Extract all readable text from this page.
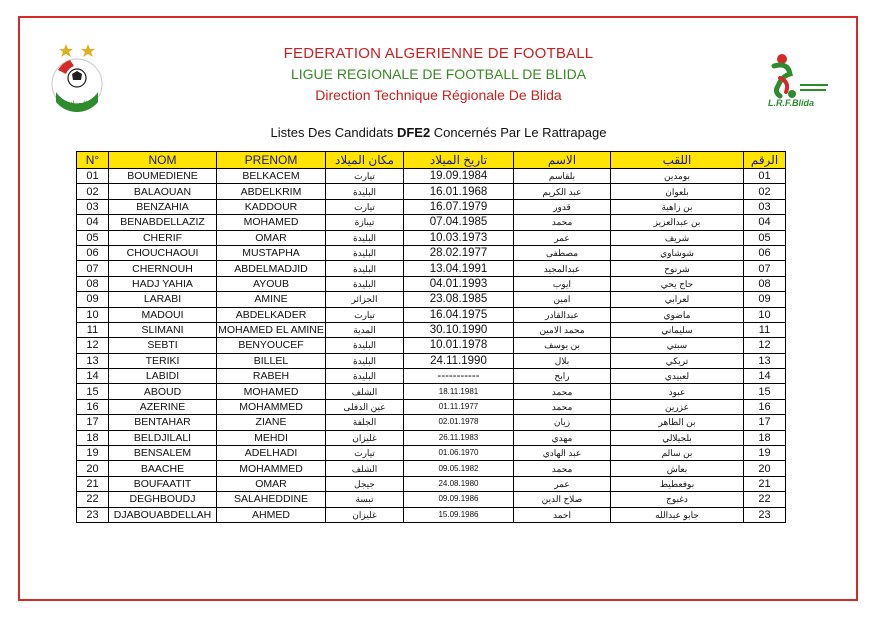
الجزائر	L.R.F.Blida
FEDERATION ALGERIENNE DE FOOTBALL
LIGUE REGIONALE DE FOOTBALL DE BLIDA
Direction Technique Régionale De Blida
Listes Des Candidats DFE2 Concernés Par Le Rattrapage
N°	NOM	PRENOM	مكان الميلاد	تاريخ الميلاد	الاسم	اللقب	الرقم
01	BOUMEDIENE	BELKACEM	تيارت	19.09.1984	بلقاسم	بومدين	01
02	BALAOUAN	ABDELKRIM	البليدة	16.01.1968	عبد الكريم	بلعوان	02
03	BENZAHIA	KADDOUR	تيارت	16.07.1979	قدور	بن زاهية	03
04	BENABDELLAZIZ	MOHAMED	تيبازة	07.04.1985	محمد	بن عبدالعزيز	04
05	CHERIF	OMAR	البليدة	10.03.1973	عمر	شريف	05
06	CHOUCHAOUI	MUSTAPHA	البليدة	28.02.1977	مصطفى	شوشاوي	06
07	CHERNOUH	ABDELMADJID	البليدة	13.04.1991	عبدالمجيد	شرنوح	07
08	HADJ YAHIA	AYOUB	البليدة	04.01.1993	ايوب	حاج يحي	08
09	LARABI	AMINE	الجزائر	23.08.1985	امين	لعرابي	09
10	MADOUI	ABDELKADER	تيارت	16.04.1975	عبدالقادر	ماضوي	10
11	SLIMANI	MOHAMED EL AMINE	المدية	30.10.1990	محمد الامين	سليماني	11
12	SEBTI	BENYOUCEF	البليدة	10.01.1978	بن يوسف	سبتي	12
13	TERIKI	BILLEL	البليدة	24.11.1990	بلال	تريكي	13
14	LABIDI	RABEH	البليدة	-----------	رابح	لعبيدي	14
15	ABOUD	MOHAMED	الشلف	18.11.1981	محمد	عبود	15
16	AZERINE	MOHAMMED	عين الدفلى	01.11.1977	محمد	عزرين	16
17	BENTAHAR	ZIANE	الجلفة	02.01.1978	زيان	بن الطاهر	17
18	BELDJILALI	MEHDI	غليزان	26.11.1983	مهدي	بلجيلالي	18
19	BENSALEM	ADELHADI	تيارت	01.06.1970	عبد الهادي	بن سالم	19
20	BAACHE	MOHAMMED	الشلف	09.05.1982	محمد	بعاش	20
21	BOUFAATIT	OMAR	جيجل	24.08.1980	عمر	بوفعطيط	21
22	DEGHBOUDJ	SALAHEDDINE	تبسة	09.09.1986	صلاح الدين	دغبوج	22
23	DJABOUABDELLAH	AHMED	غليزان	15.09.1986	احمد	جابو عبدالله	23
